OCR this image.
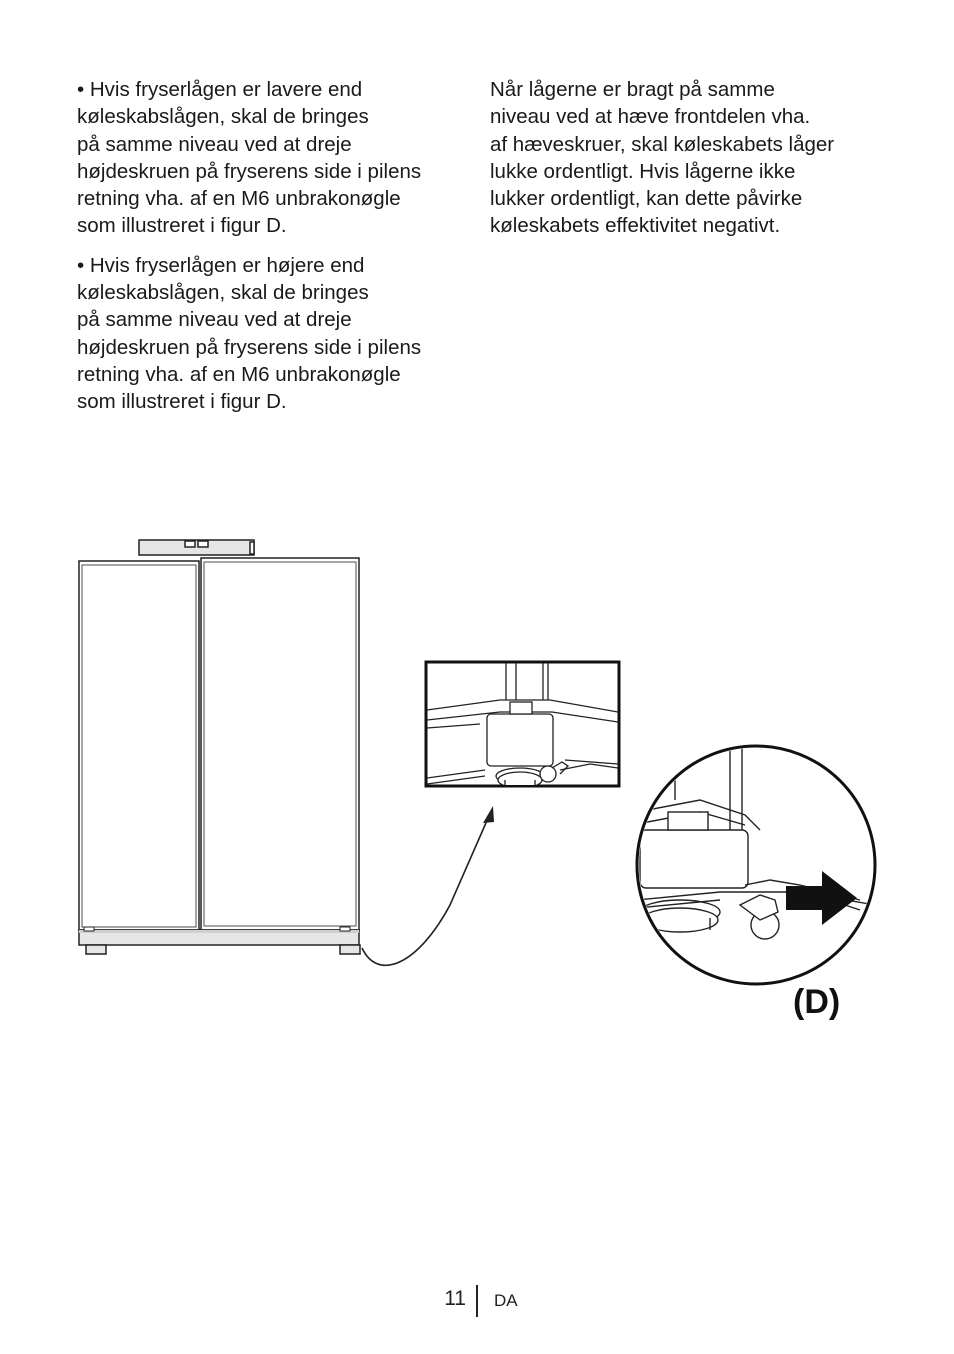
• Hvis fryserlågen er lavere end
køleskabslågen, skal de bringes
på samme niveau ved at dreje
højdeskruen på fryserens side i pilens
retning vha. af en M6 unbrakonøgle
som illustreret i figur D.

• Hvis fryserlågen er højere end
køleskabslågen, skal de bringes
på samme niveau ved at dreje
højdeskruen på fryserens side i pilens
retning vha. af en M6 unbrakonøgle
som illustreret i figur D.

Når lågerne er bragt på samme
niveau ved at hæve frontdelen vha.
af hæveskruer, skal køleskabets låger
lukke ordentligt. Hvis lågerne ikke
lukker ordentligt, kan dette påvirke
køleskabets effektivitet negativt.

(D)
11 DA
